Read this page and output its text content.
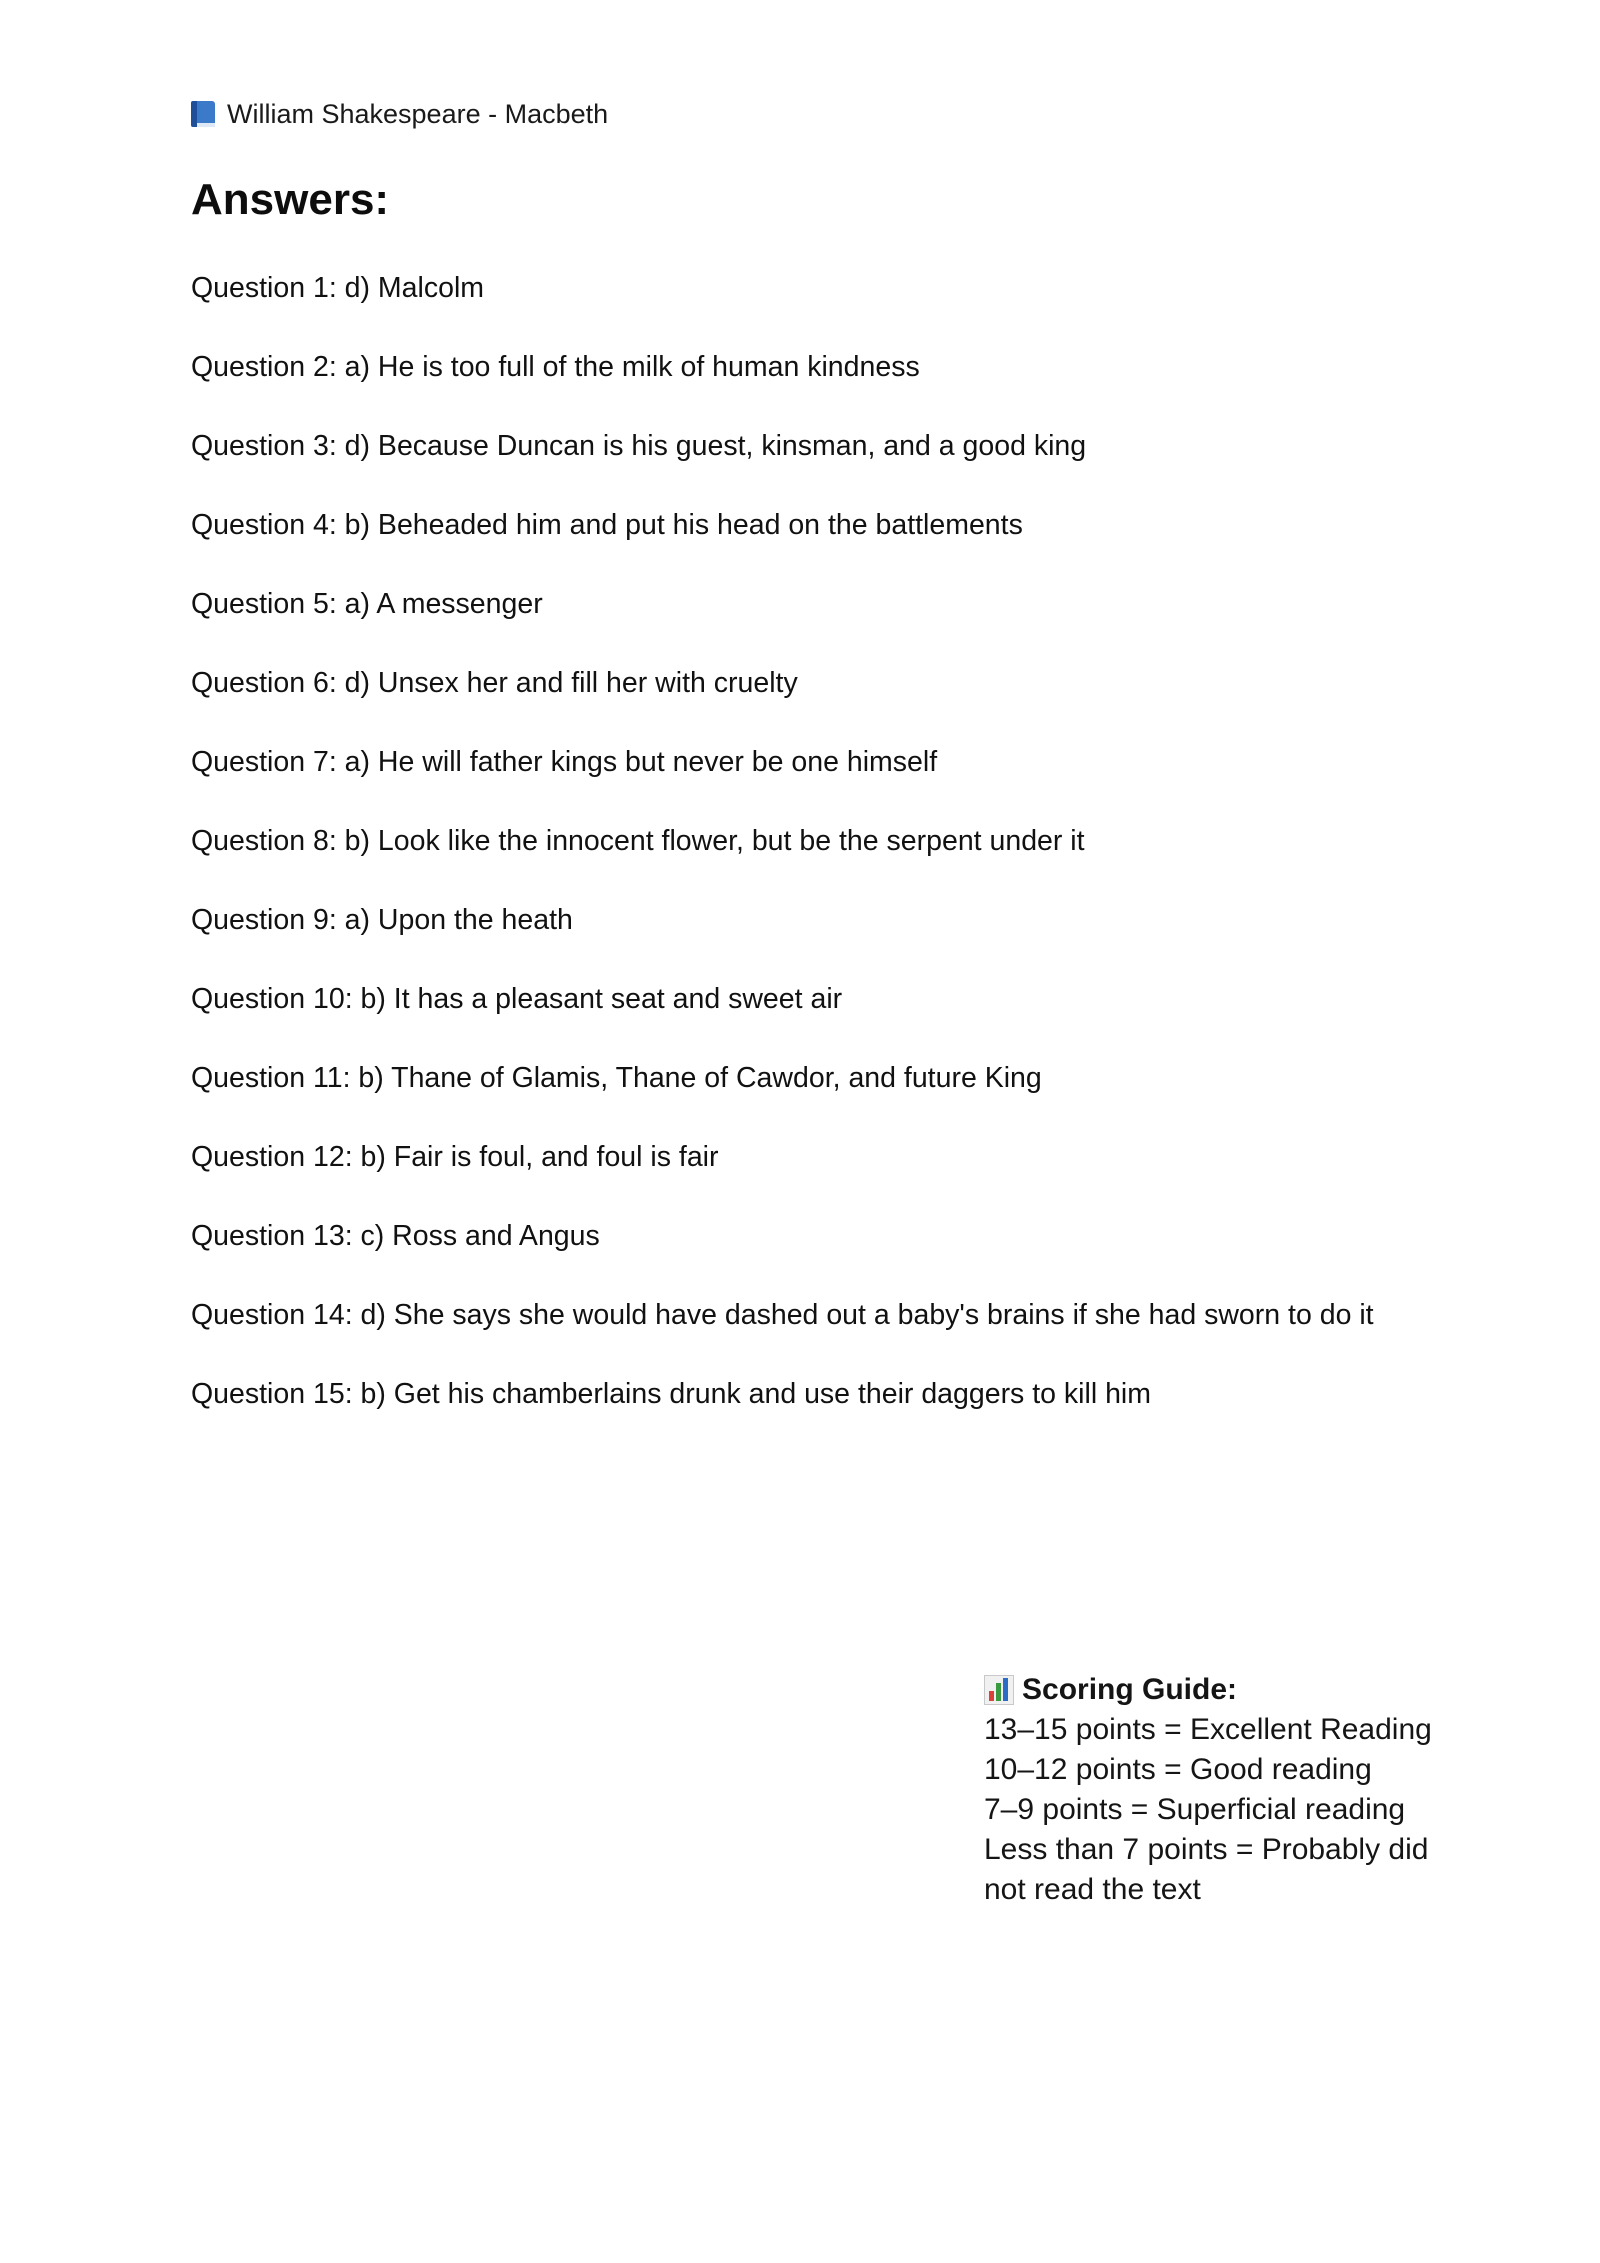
William Shakespeare - Macbeth
Answers:
Question 1: d) Malcolm
Question 2: a) He is too full of the milk of human kindness
Question 3: d) Because Duncan is his guest, kinsman, and a good king
Question 4: b) Beheaded him and put his head on the battlements
Question 5: a) A messenger
Question 6: d) Unsex her and fill her with cruelty
Question 7: a) He will father kings but never be one himself
Question 8: b) Look like the innocent flower, but be the serpent under it
Question 9: a) Upon the heath
Question 10: b) It has a pleasant seat and sweet air
Question 11: b) Thane of Glamis, Thane of Cawdor, and future King
Question 12: b) Fair is foul, and foul is fair
Question 13: c) Ross and Angus
Question 14: d) She says she would have dashed out a baby's brains if she had sworn to do it
Question 15: b) Get his chamberlains drunk and use their daggers to kill him
Scoring Guide:
13–15 points = Excellent Reading
10–12 points = Good reading
7–9 points = Superficial reading
Less than 7 points = Probably did
not read the text
